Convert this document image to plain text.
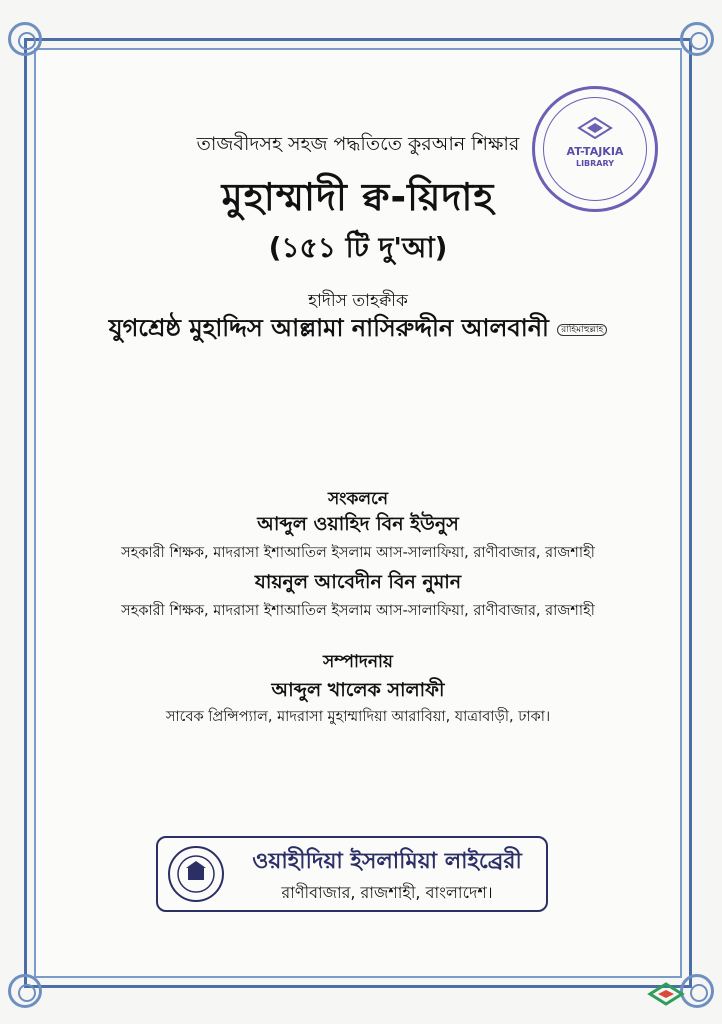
AT-TAJKIA
LIBRARY
তাজবীদসহ সহজ পদ্ধতিতে কুরআন শিক্ষার
মুহাম্মাদী ক্ব-য়িদাহ
(১৫১ টি দু'আ)
হাদীস তাহক্বীক
যুগশ্রেষ্ঠ মুহাদ্দিস আল্লামা নাসিরুদ্দীন আলবানী রাহিমাহুল্লাহ
সংকলনে
আব্দুল ওয়াহিদ বিন ইউনুস
সহকারী শিক্ষক, মাদরাসা ইশাআতিল ইসলাম আস-সালাফিয়া, রাণীবাজার, রাজশাহী
যায়নুল আবেদীন বিন নুমান
সহকারী শিক্ষক, মাদরাসা ইশাআতিল ইসলাম আস-সালাফিয়া, রাণীবাজার, রাজশাহী
সম্পাদনায়
আব্দুল খালেক সালাফী
সাবেক প্রিন্সিপ্যাল, মাদরাসা মুহাম্মাদিয়া আরাবিয়া, যাত্রাবাড়ী, ঢাকা।
ওয়াহীদিয়া ইসলামিয়া লাইব্রেরী
রাণীবাজার, রাজশাহী, বাংলাদেশ।
